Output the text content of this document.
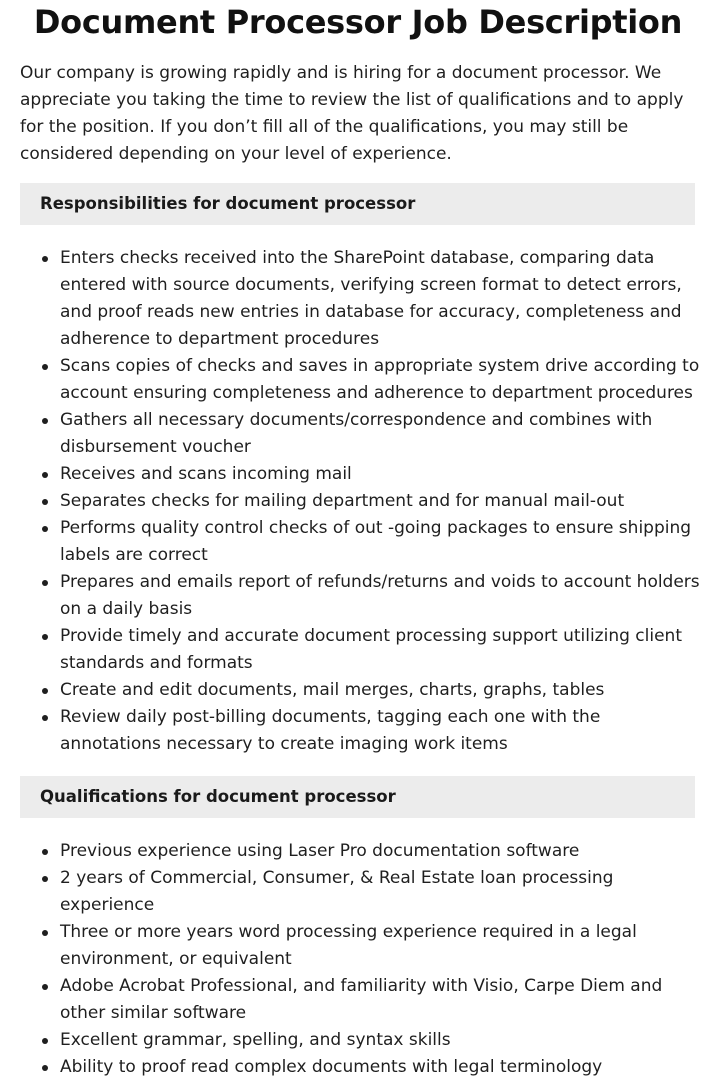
Document Processor Job Description

Our company is growing rapidly and is hiring for a document processor. We appreciate you taking the time to review the list of qualifications and to apply for the position. If you don’t fill all of the qualifications, you may still be considered depending on your level of experience.

Responsibilities for document processor
Enters checks received into the SharePoint database, comparing data entered with source documents, verifying screen format to detect errors, and proof reads new entries in database for accuracy, completeness and adherence to department procedures
Scans copies of checks and saves in appropriate system drive according to account ensuring completeness and adherence to department procedures
Gathers all necessary documents/correspondence and combines with disbursement voucher
Receives and scans incoming mail
Separates checks for mailing department and for manual mail-out
Performs quality control checks of out -going packages to ensure shipping labels are correct
Prepares and emails report of refunds/returns and voids to account holders on a daily basis
Provide timely and accurate document processing support utilizing client standards and formats
Create and edit documents, mail merges, charts, graphs, tables
Review daily post-billing documents, tagging each one with the annotations necessary to create imaging work items
Qualifications for document processor
Previous experience using Laser Pro documentation software
2 years of Commercial, Consumer, & Real Estate loan processing experience
Three or more years word processing experience required in a legal environment, or equivalent
Adobe Acrobat Professional, and familiarity with Visio, Carpe Diem and other similar software
Excellent grammar, spelling, and syntax skills
Ability to proof read complex documents with legal terminology
